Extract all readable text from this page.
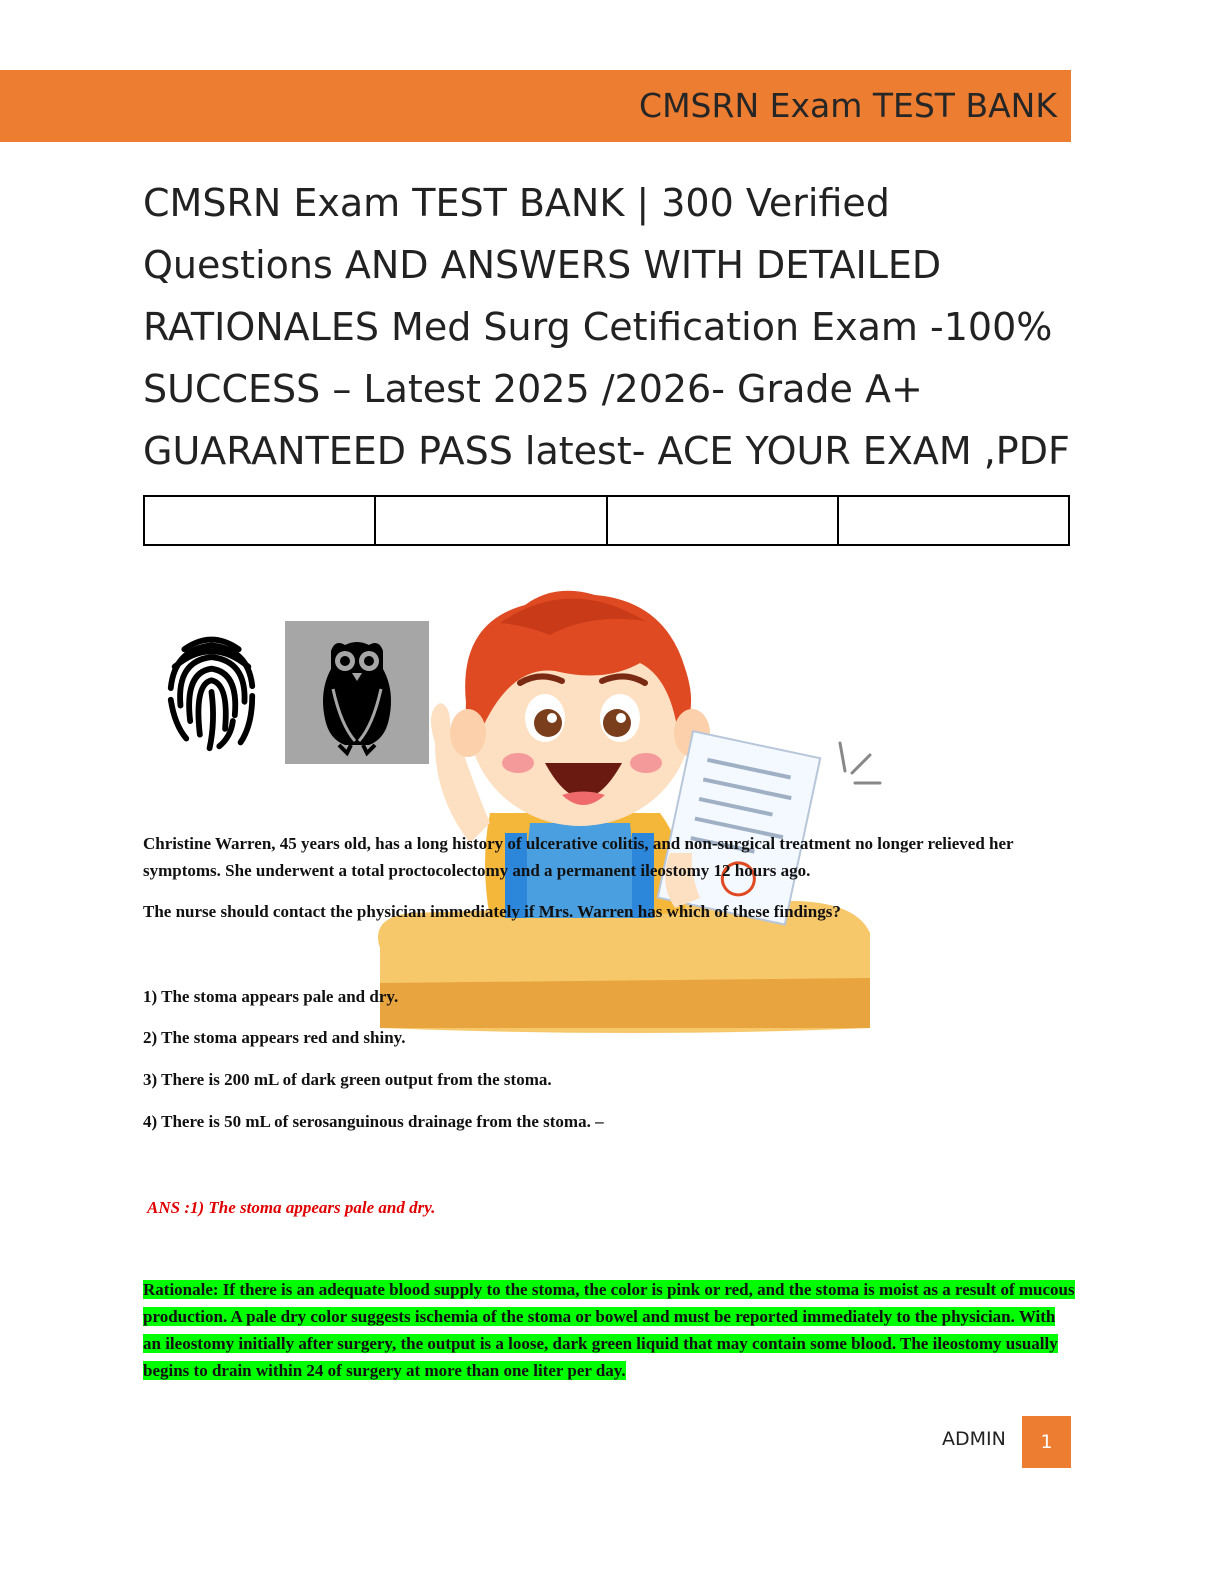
CMSRN Exam TEST BANK
CMSRN Exam TEST BANK | 300 Verified
Questions AND ANSWERS WITH DETAILED
RATIONALES Med Surg Cetification Exam -100%
SUCCESS – Latest 2025 /2026- Grade A+
GUARANTEED PASS latest- ACE YOUR EXAM ,PDF

Christine Warren, 45 years old, has a long history of ulcerative colitis, and non-surgical treatment no longer relieved her symptoms. She underwent a total proctocolectomy and a permanent ileostomy 12 hours ago.
The nurse should contact the physician immediately if Mrs. Warren has which of these findings?
1) The stoma appears pale and dry.
2) The stoma appears red and shiny.
3) There is 200 mL of dark green output from the stoma.
4) There is 50 mL of serosanguinous drainage from the stoma. –
ANS :1) The stoma appears pale and dry.
Rationale: If there is an adequate blood supply to the stoma, the color is pink or red, and the stoma is moist as a result of mucous production. A pale dry color suggests ischemia of the stoma or bowel and must be reported immediately to the physician. With an ileostomy initially after surgery, the output is a loose, dark green liquid that may contain some blood. The ileostomy usually begins to drain within 24 of surgery at more than one liter per day.
ADMIN	1
